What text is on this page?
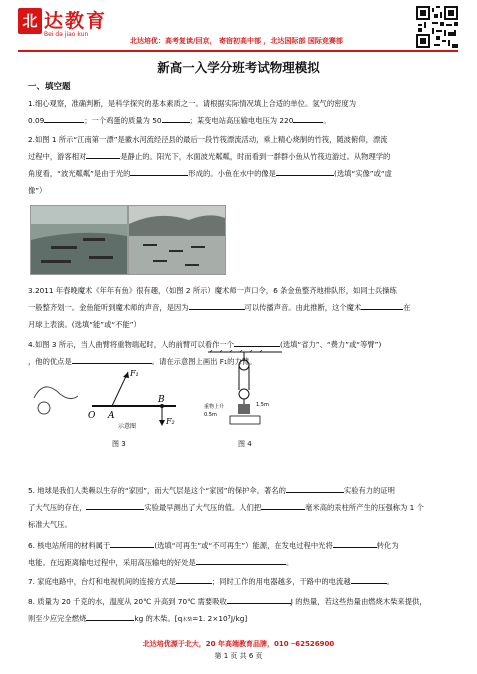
北 达教育
Bei da jiao kun
北达培优：高考复读/回京， 寄宿初高中部 ，北达国际部 国际竞赛部
新高一入学分班考试物理模拟
一、填空题
1.细心观察，准确判断，是科学探究的基本素质之一。请根据实际情况填上合适的单位。氢气的密度为
0.09	；一个鸡蛋的质量为 50	；某变电站高压输电电压为 220	。
2.如图 1 所示“江南第一漂”是徽水河流经泾县的最后一段竹筏漂流活动，乘上精心烧制的竹筏，随波俯仰，漂流
过程中，游客相对	是静止的。阳光下，水面波光粼粼，时而看到一群群小鱼从竹筏边游过。从物理学的
角度看，“波光粼粼”是由于光的	形成的。小鱼在水中的像是	(选填“实像”或“虚
像”）
3.2011 年春晚魔术《年年有鱼》很有趣，（如图 2 所示）魔术师一声口令，6 条金鱼整齐地排队形，如同士兵操练
一般整齐划一。金鱼能听到魔术师的声音，是因为	可以传播声音。由此推断，这个魔术	在
月球上表演。(选填“能”或“不能”）
4.如图 3 所示，当人曲臂将重物端起时，人的前臂可以看作一个	(选填“省力”、“费力”或“等臂”)
，他的优点是	。请在示意图上画出 F1的力臂。
F₁
F₂
O A
B
示意图
图 3
重物上升
0.5m
1.5m
图 4
5. 地球是我们人类赖以生存的“家园”，而大气层是这个“家园”的保护伞。著名的	实验有力的证明
了大气压的存在，	实验最早测出了大气压的值。人们把	毫米高的汞柱所产生的压强称为 1 个
标准大气压。
6. 核电站所用的材料属于	(选填“可再生”或“不可再生”）能源，在发电过程中光将	转化为
电能。在远距离输电过程中，采用高压输电的好处是	。
7. 家庭电路中，台灯和电视机间的连接方式是	；同时工作的用电器越多，干路中的电流越	。
8. 质量为 20 千克的水，温度从 20℃ 升高到 70℃ 需要吸收	J 的热量，若这些热量由燃烧木柴来提供，
则至少应完全燃烧	kg 的木柴。[q木柴=1. $2\times 10^7J/kg$]
北达培优源于北大，20 年高端教育品牌，010 ─62526900
第 1 页 共 6 页
